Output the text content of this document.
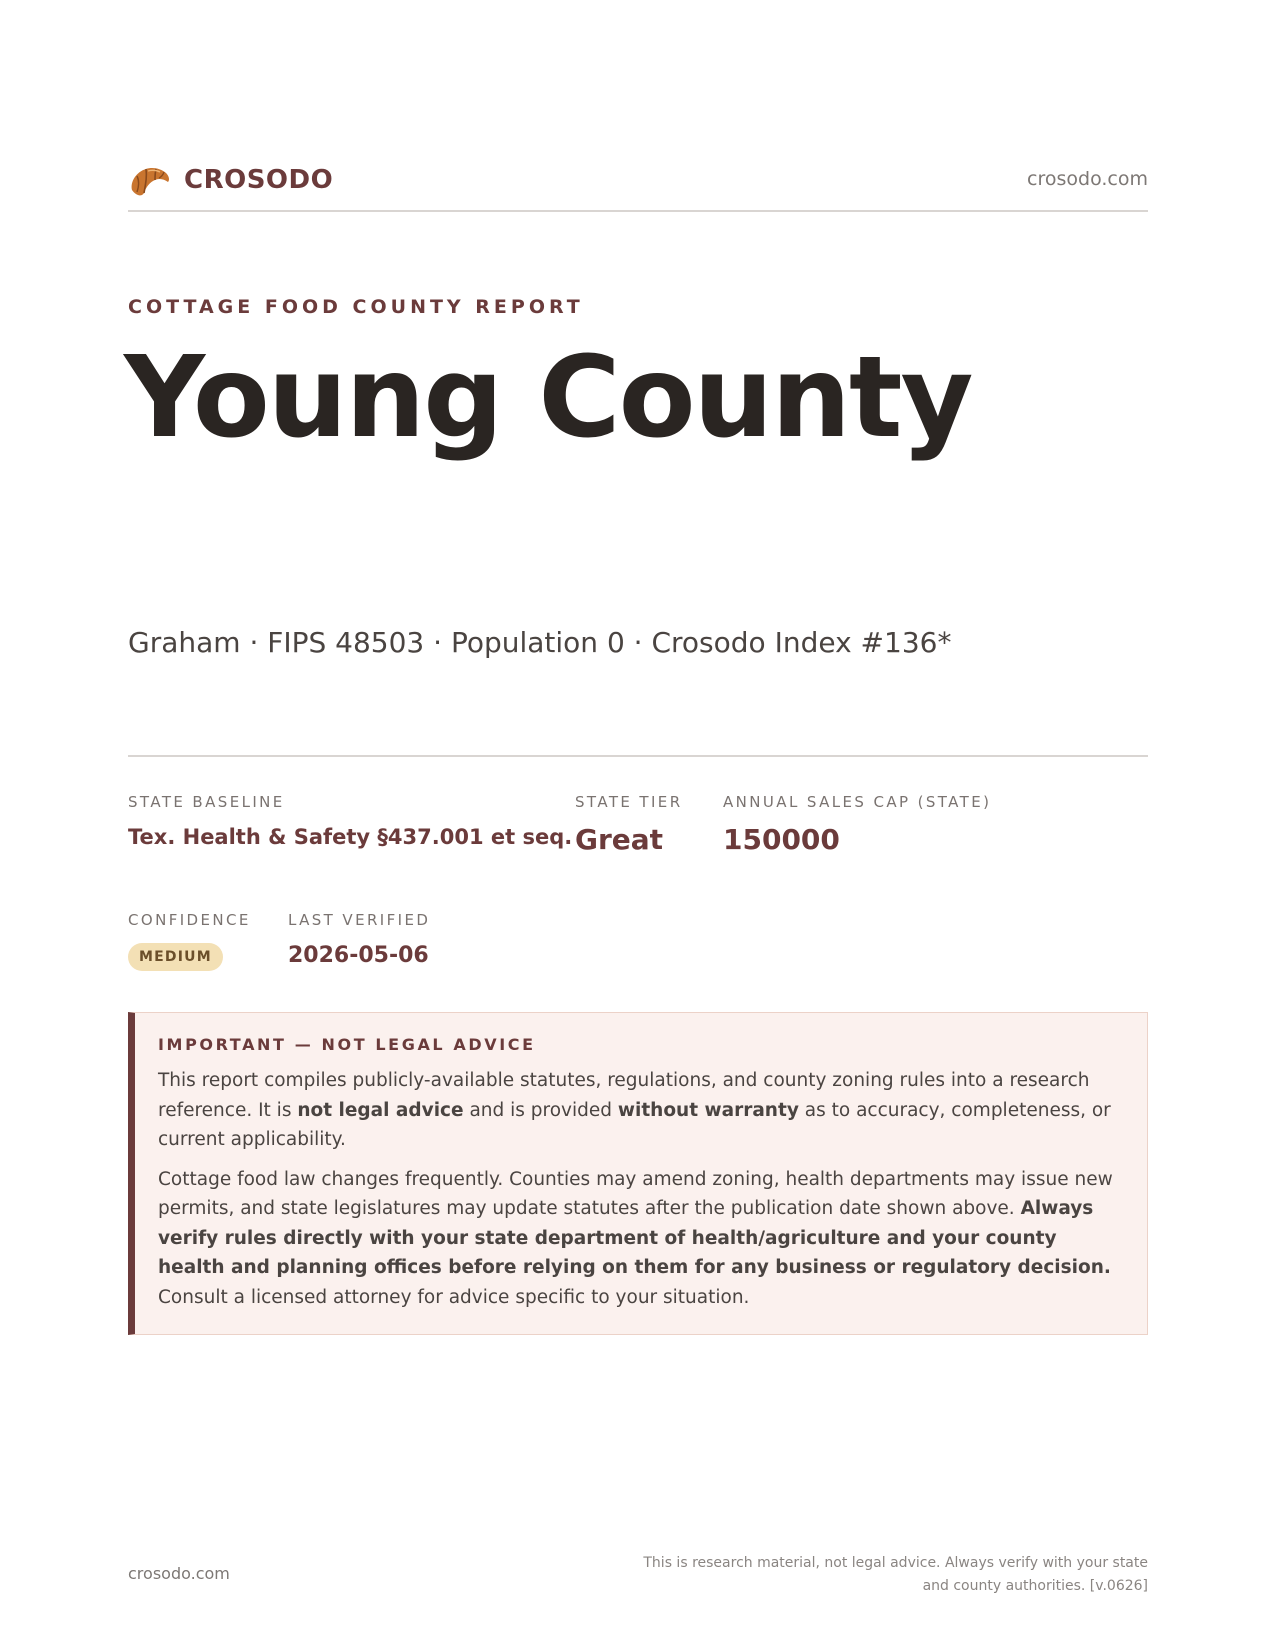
CROSODO	crosodo.com
COTTAGE FOOD COUNTY REPORT
Young County
Graham · FIPS 48503 · Population 0 · Crosodo Index #136*
STATE BASELINE
Tex. Health & Safety §437.001 et seq.
STATE TIER
Great
ANNUAL SALES CAP (STATE)
150000
CONFIDENCE
MEDIUM
LAST VERIFIED
2026-05-06
IMPORTANT — NOT LEGAL ADVICE

This report compiles publicly-available statutes, regulations, and county zoning rules into a research reference. It is not legal advice and is provided without warranty as to accuracy, completeness, or current applicability.

Cottage food law changes frequently. Counties may amend zoning, health departments may issue new permits, and state legislatures may update statutes after the publication date shown above. Always verify rules directly with your state department of health/agriculture and your county health and planning offices before relying on them for any business or regulatory decision. Consult a licensed attorney for advice specific to your situation.

crosodo.com
This is research material, not legal advice. Always verify with your state
and county authorities. [v.0626]
